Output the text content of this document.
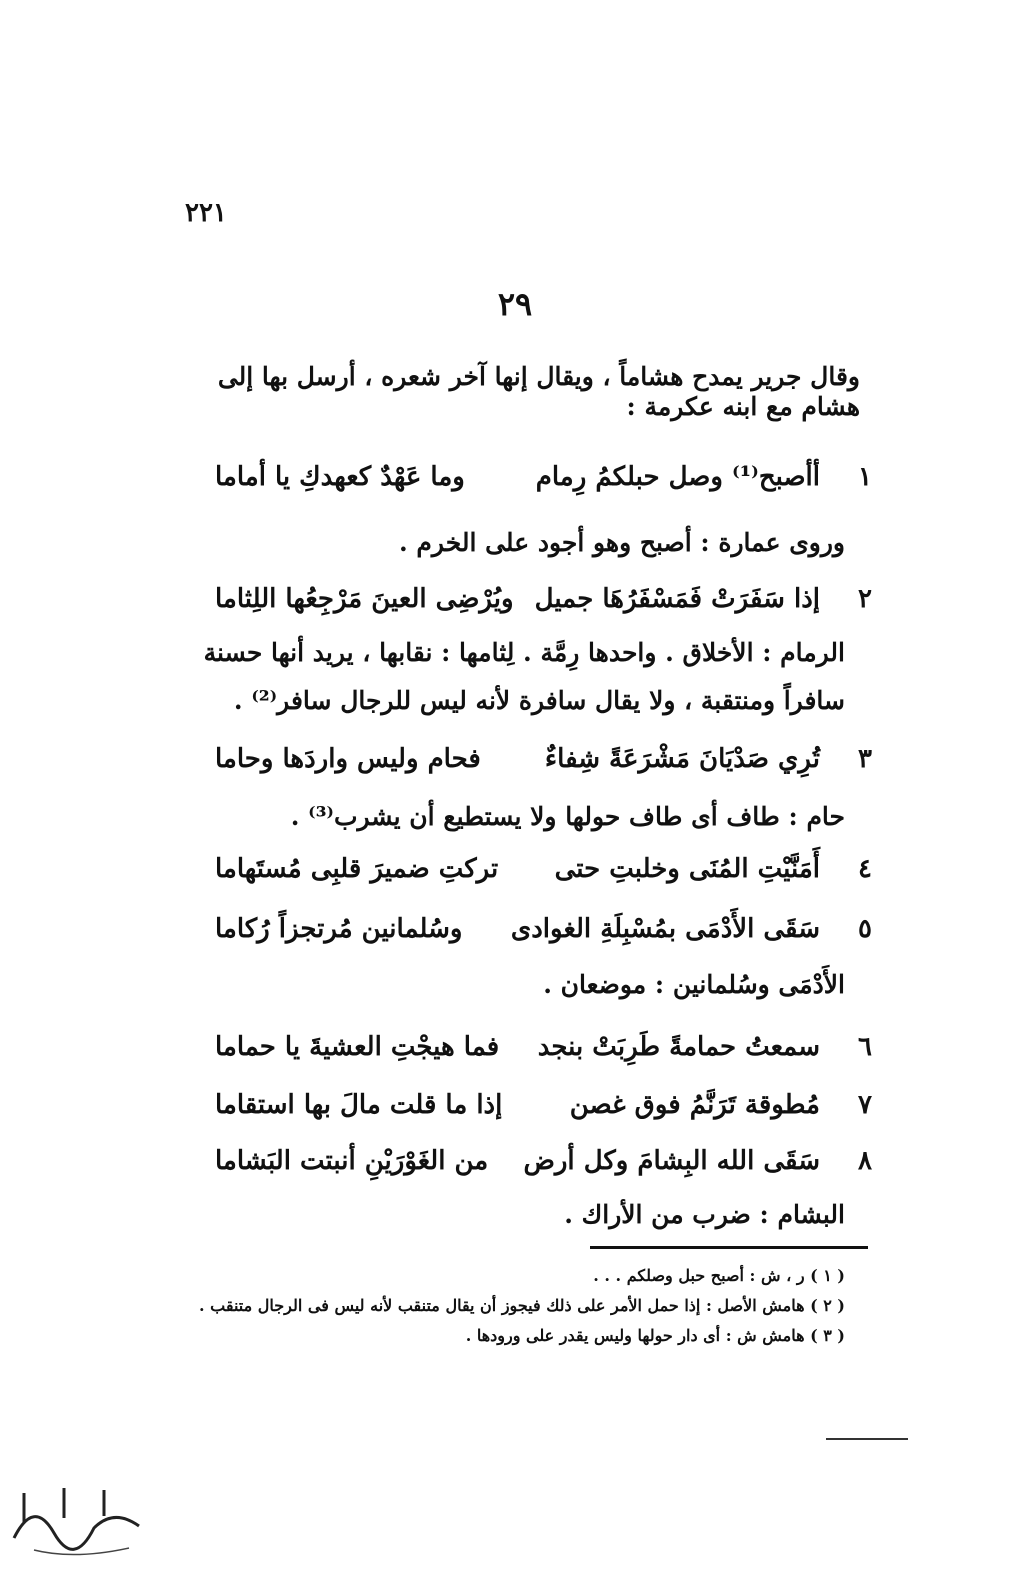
٢٢١
٢٩
وقال جرير يمدح هشاماً ، ويقال إنها آخر شعره ، أرسل بها إلى هشام مع ابنه عكرمة :
١
أأصبح⁽¹⁾ وصل حبلكمُ رِمام
وما عَهْدٌ كعهدكِ يا أماما
وروى عمارة : أصبح وهو أجود على الخرم .
٢
إذا سَفَرَتْ فَمَسْفَرُهَا جميل
ويُرْضِى العينَ مَرْجِعُها اللِثاما
الرمام : الأخلاق . واحدها رِمَّة . لِثامها : نقابها ، يريد أنها حسنة
سافراً ومنتقبة ، ولا يقال سافرة لأنه ليس للرجال سافر⁽²⁾ .
٣
تُرِي صَدْيَانَ مَشْرَعَةً شِفاءٌ
فحام وليس واردَها وحاما
حام : طاف أى طاف حولها ولا يستطيع أن يشرب⁽³⁾ .
٤
أَمَنَّيْتِ المُنَى وخلبتِ حتى
تركتِ ضميرَ قلبِى مُستَهاما
٥
سَقَى الأَدْمَى بمُسْبِلَةِ الغوادى
وسُلمانين مُرتجزاً رُكاما
الأَدْمَى وسُلمانين : موضعان .
٦
سمعتُ حمامةً طَرِبَتْ بنجد
فما هيجْتِ العشيةَ يا حماما
٧
مُطوقة تَرَنَّمُ فوق غصن
إذا ما قلت مالَ بها استقاما
٨
سَقَى الله البِشامَ وكل أرض
من الغَوْرَيْنِ أنبتت البَشاما
البشام : ضرب من الأراك .
( ١ ) ر ، ش : أصبح حبل وصلكم . . .
( ٢ ) هامش الأصل : إذا حمل الأمر على ذلك فيجوز أن يقال متنقب لأنه ليس فى الرجال متنقب .
( ٣ ) هامش ش : أى دار حولها وليس يقدر على ورودها .
